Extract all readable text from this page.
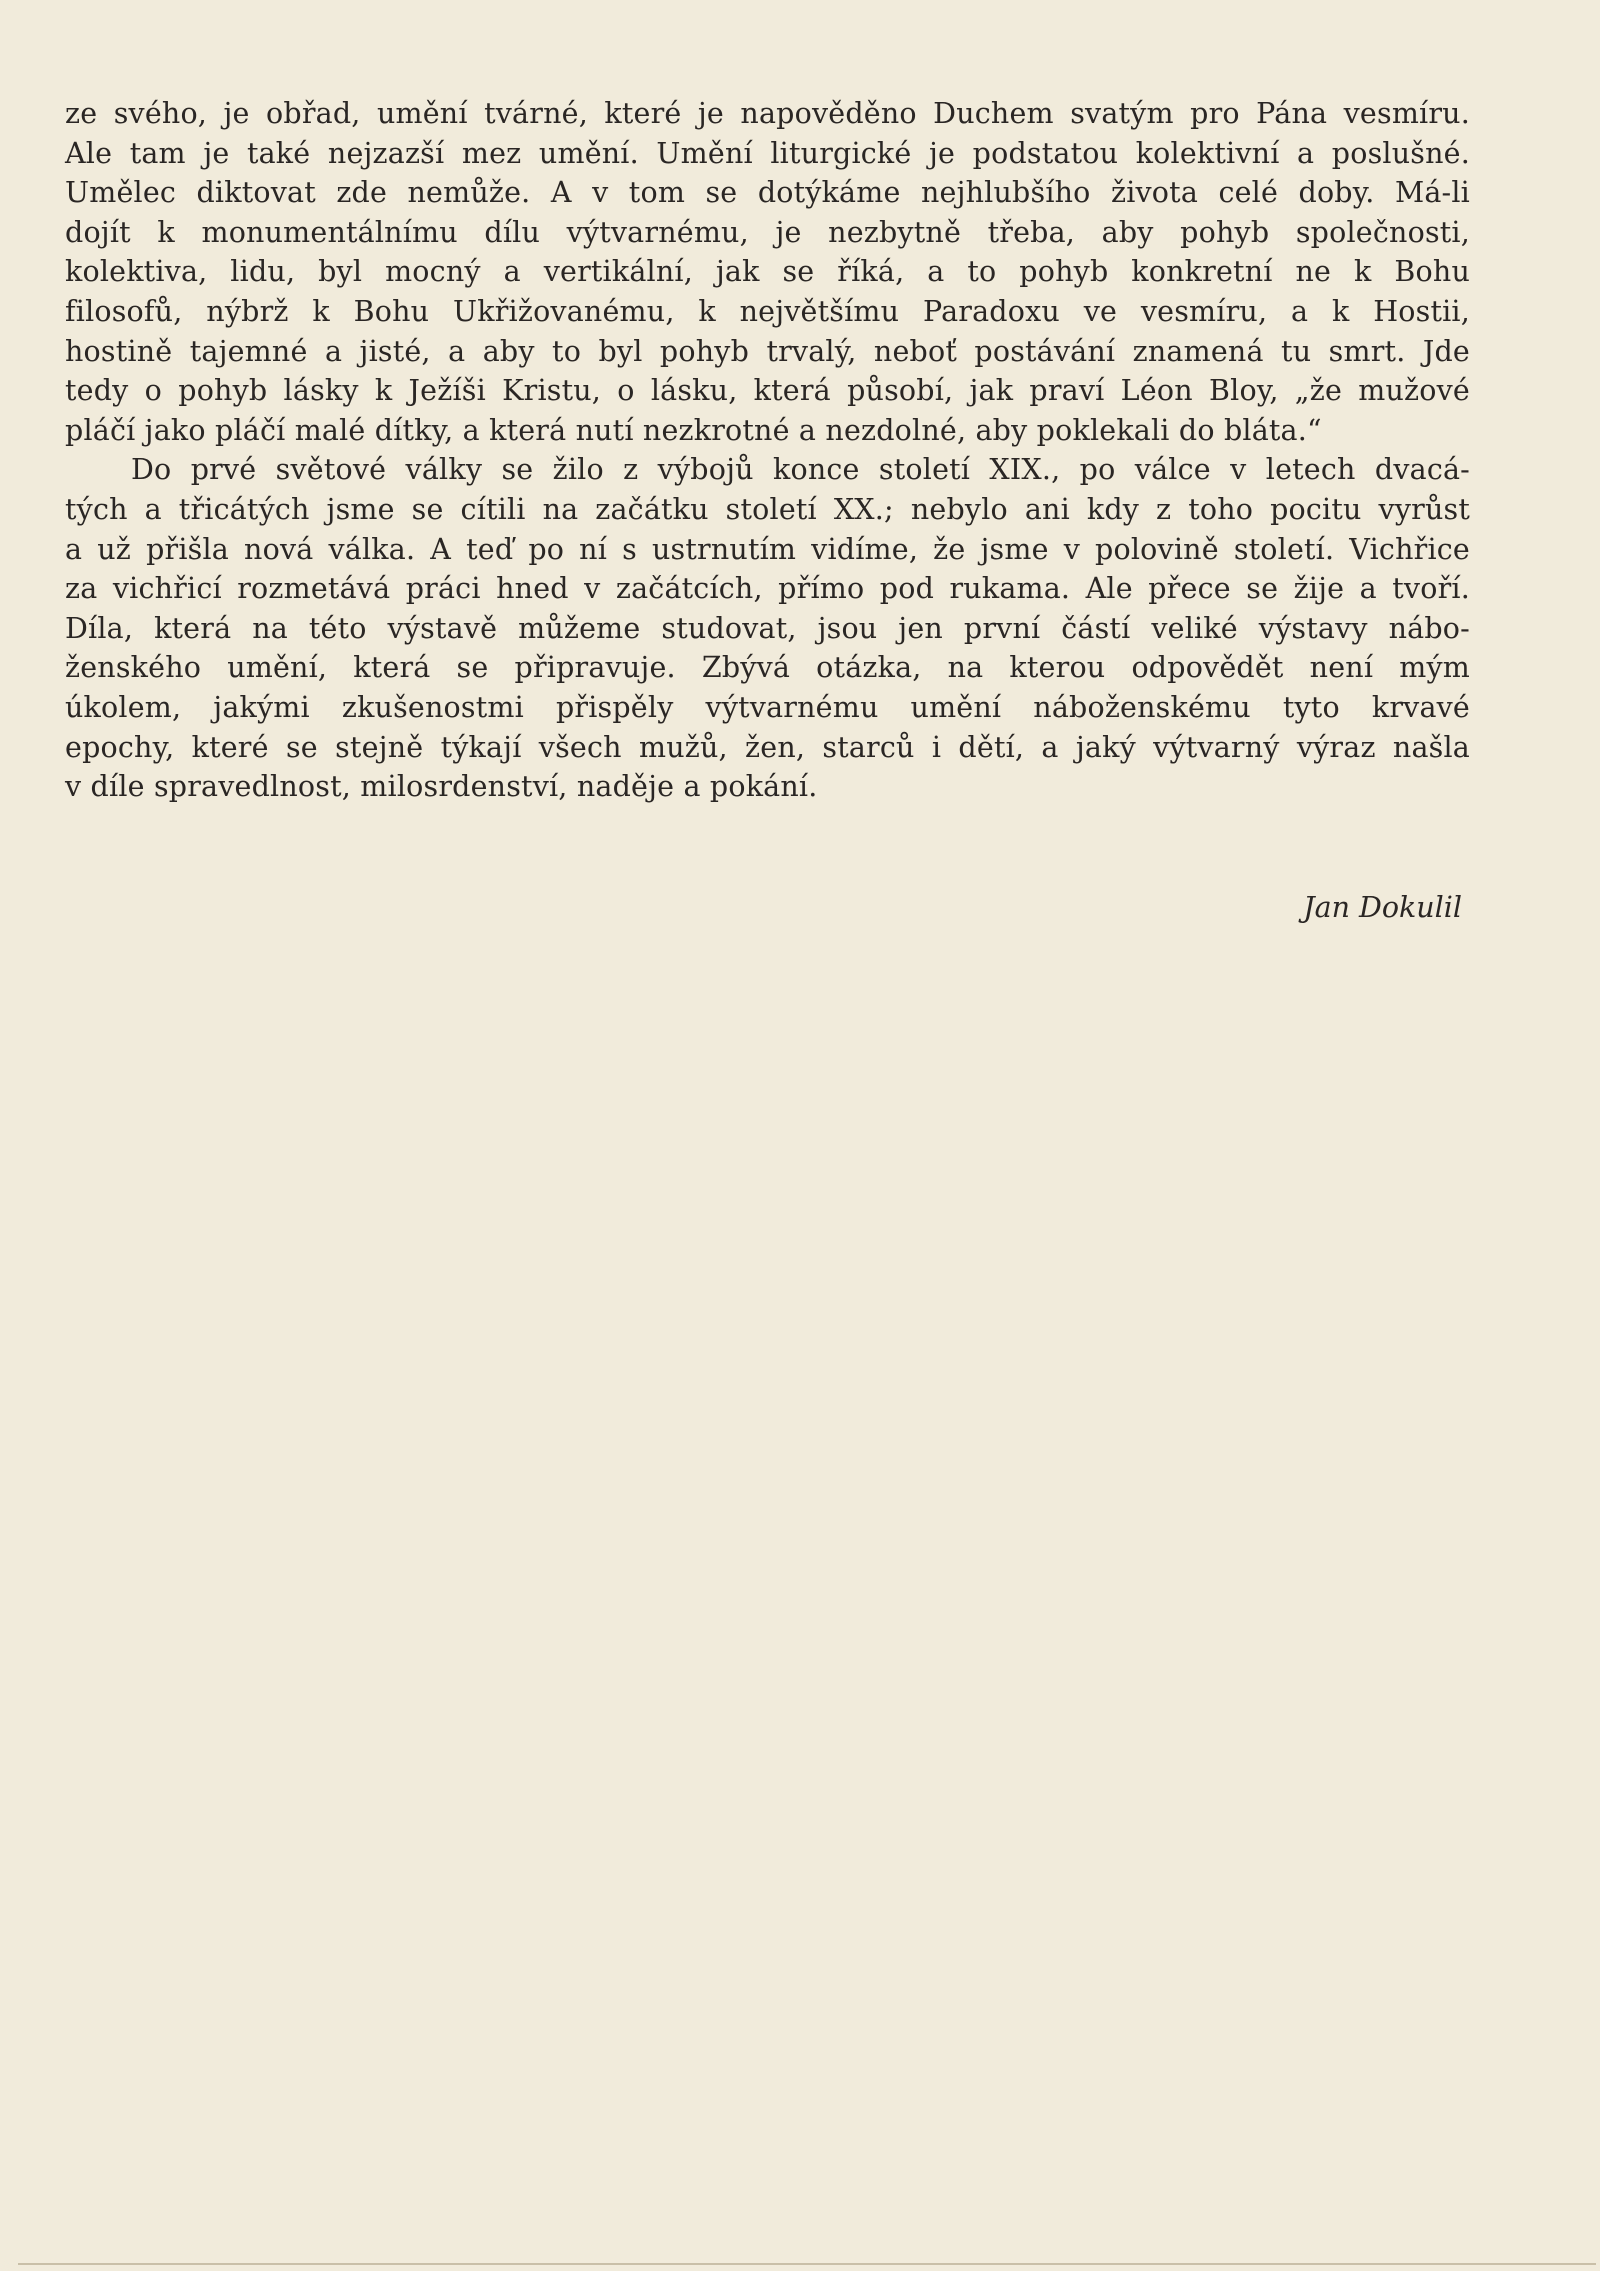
ze svého, je obřad, umění tvárné, které je napověděno Duchem svatým pro Pána vesmíru.
Ale tam je také nejzazší mez umění. Umění liturgické je podstatou kolektivní a poslušné.
Umělec diktovat zde nemůže. A v tom se dotýkáme nejhlubšího života celé doby. Má-li
dojít k monumentálnímu dílu výtvarnému, je nezbytně třeba, aby pohyb společnosti,
kolektiva, lidu, byl mocný a vertikální, jak se říká, a to pohyb konkretní ne k Bohu
filosofů, nýbrž k Bohu Ukřižovanému, k největšímu Paradoxu ve vesmíru, a k Hostii,
hostině tajemné a jisté, a aby to byl pohyb trvalý, neboť postávání znamená tu smrt. Jde
tedy o pohyb lásky k Ježíši Kristu, o lásku, která působí, jak praví Léon Bloy, „že mužové
pláčí jako pláčí malé dítky, a která nutí nezkrotné a nezdolné, aby poklekali do bláta.“
Do prvé světové války se žilo z výbojů konce století XIX., po válce v letech dvacá-
tých a třicátých jsme se cítili na začátku století XX.; nebylo ani kdy z toho pocitu vyrůst
a už přišla nová válka. A teď po ní s ustrnutím vidíme, že jsme v polovině století. Vichřice
za vichřicí rozmetává práci hned v začátcích, přímo pod rukama. Ale přece se žije a tvoří.
Díla, která na této výstavě můžeme studovat, jsou jen první částí veliké výstavy nábo-
ženského umění, která se připravuje. Zbývá otázka, na kterou odpovědět není mým
úkolem, jakými zkušenostmi přispěly výtvarnému umění náboženskému tyto krvavé
epochy, které se stejně týkají všech mužů, žen, starců i dětí, a jaký výtvarný výraz našla
v díle spravedlnost, milosrdenství, naděje a pokání.
Jan Dokulil
